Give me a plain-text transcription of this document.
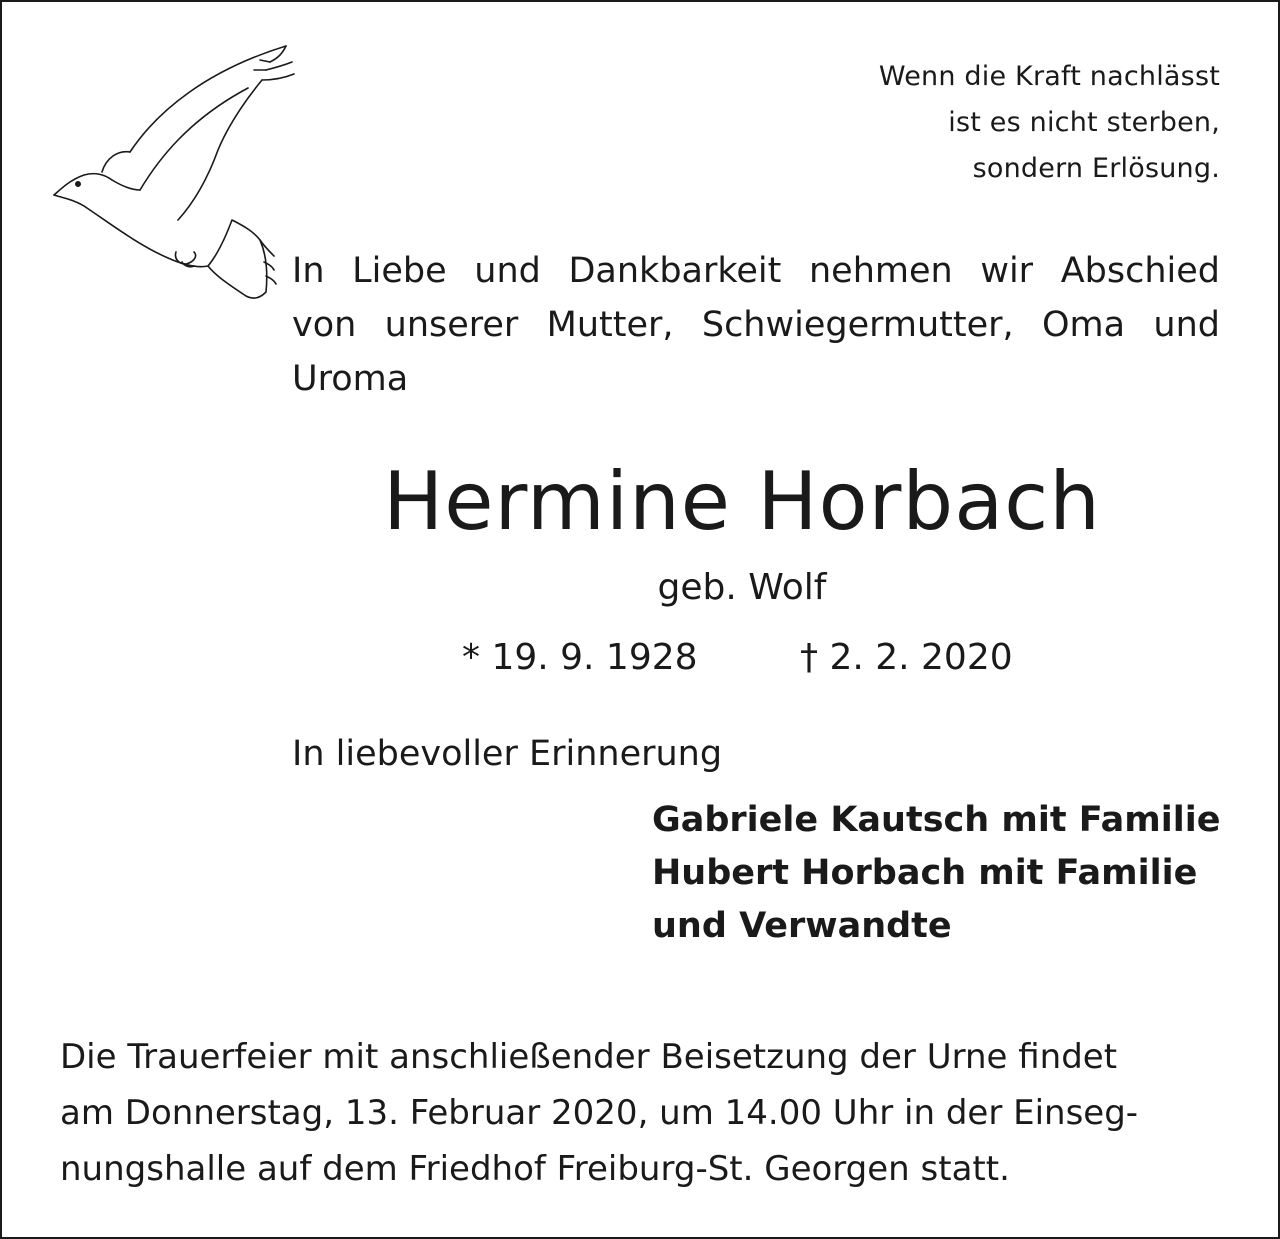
Wenn die Kraft nachlässt
ist es nicht sterben,
sondern Erlösung.
In Liebe und Dankbarkeit nehmen wir Abschied von unserer Mutter, Schwiegermutter, Oma und Uroma
Hermine Horbach
geb. Wolf
* 19. 9. 1928	† 2. 2. 2020
In liebevoller Erinnerung
Gabriele Kautsch mit Familie
Hubert Horbach mit Familie
und Verwandte
Die Trauerfeier mit anschließender Beisetzung der Urne findet
am Donnerstag, 13. Februar 2020, um 14.00 Uhr in der Einseg-
nungshalle auf dem Friedhof Freiburg-St. Georgen statt.
